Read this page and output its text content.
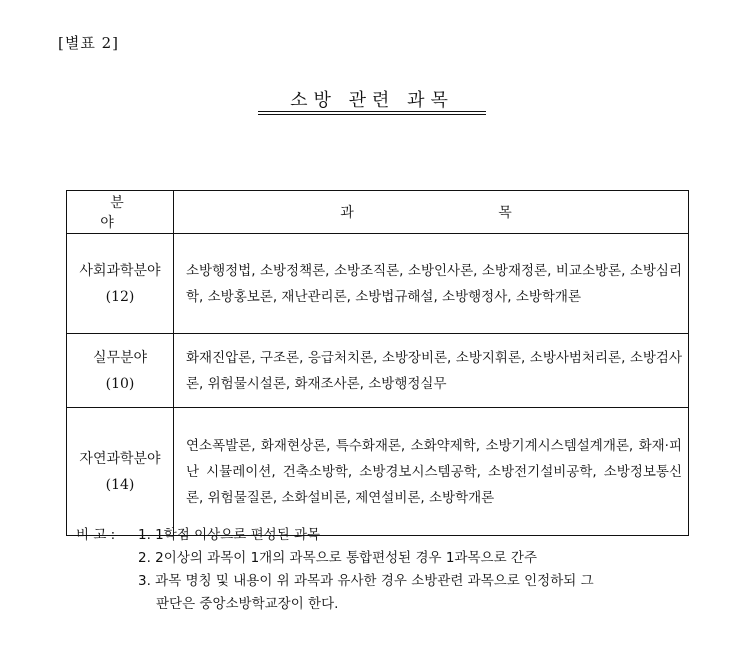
[별표 2]
소방 관련 과목
분 야	과 목

사회과학분야
(12)	소방행정법, 소방정책론, 소방조직론, 소방인사론, 소방재정론, 비교소방론, 소방심리학, 소방홍보론, 재난관리론, 소방법규해설, 소방행정사, 소방학개론

실무분야
(10)	화재진압론, 구조론, 응급처치론, 소방장비론, 소방지휘론, 소방사범처리론, 소방검사론, 위험물시설론, 화재조사론, 소방행정실무

자연과학분야
(14)	연소폭발론, 화재현상론, 특수화재론, 소화약제학, 소방기계시스템설계개론, 화재·피난 시뮬레이션, 건축소방학, 소방경보시스템공학, 소방전기설비공학, 소방정보통신론, 위험물질론, 소화설비론, 제연설비론, 소방학개론
비 고 : 1. 1학점 이상으로 편성된 과목
2. 2이상의 과목이 1개의 과목으로 통합편성된 경우 1과목으로 간주
3. 과목 명칭 및 내용이 위 과목과 유사한 경우 소방관련 과목으로 인정하되 그
판단은 중앙소방학교장이 한다.
